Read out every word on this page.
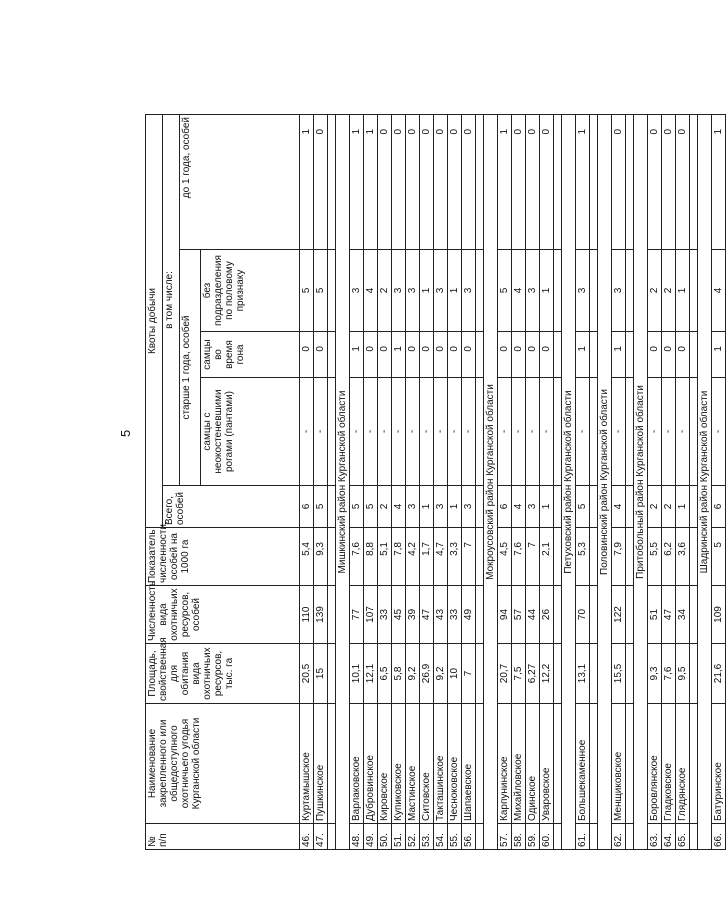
5
№ п/п	Наименование закрепленного или общедоступного охотничьего угодья Курганской области	Площадь, свойственная для обитания вида охотничьих ресурсов, тыс. га	Численность вида охотничьих ресурсов, особей	Показатель численности, особей на 1000 га	Квоты добычи				
					Всего, особей	в том числе:			
						старше 1 года, особей			до 1 года, особей
						самцы с неокостеневшими рогами (пантами)	самцы во время гона	без подразделения по половому признаку	
46.	Куртамышское	20,5	110	5,4	6	-	0	5	1
47.	Пушкинское	15	139	9,3	5	-	0	5	0

Мишкинский район Курганской области									
48.	Варлаковское	10,1	77	7,6	5	-	1	3	1
49.	Дубровинское	12,1	107	8,8	5	-	0	4	1
50.	Кировское	6,5	33	5,1	2	-	0	2	0
51.	Купиковское	5,8	45	7,8	4	-	1	3	0
52.	Мастинское	9,2	39	4,2	3	-	0	3	0
53.	Ситовское	26,9	47	1,7	1	-	0	1	0
54.	Такташинское	9,2	43	4,7	3	-	0	3	0
55.	Чесноковское	10	33	3,3	1	-	0	1	0
56.	Шапаевское	7	49	7	3	-	0	3	0

Мокроусовский район Курганской области									
57.	Карпунинское	20,7	94	4,5	6	-	0	5	1
58.	Михайловское	7,5	57	7,6	4	-	0	4	0
59.	Одинское	6,27	44	7	3	-	0	3	0
60.	Уваровское	12,2	26	2,1	1	-	0	1	0

Петуховский район Курганской области									
61.	Большекаменное	13,1	70	5,3	5	-	1	3	1

Половинский район Курганской области									
62.	Менщиковское	15,5	122	7,9	4	-	1	3	0

Притобольный район Курганской области									
63.	Боровлянское	9,3	51	5,5	2	-	0	2	0
64.	Гладковское	7,6	47	6,2	2	-	0	2	0
65.	Глядянское	9,5	34	3,6	1	-	0	1	0

Шадринский район Курганской области									
66.	Батуринское	21,6	109	5	6	-	1	4	1
